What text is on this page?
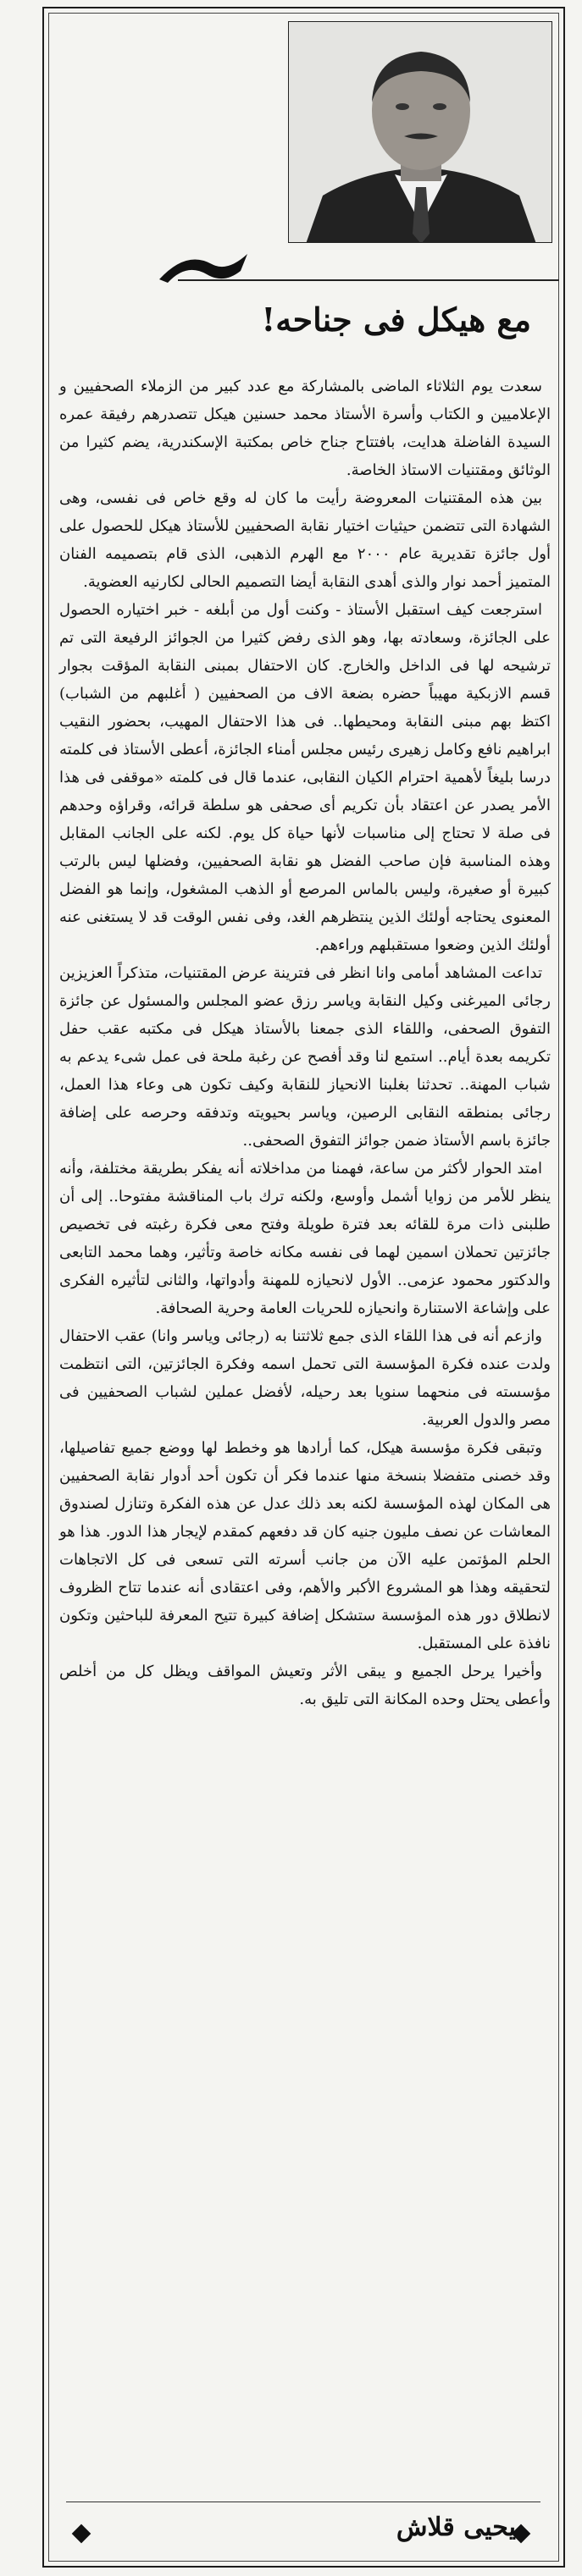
مع هيكل فى جناحه!

سعدت يوم الثلاثاء الماضى بالمشاركة مع عدد كبير من الزملاء الصحفيين و الإعلاميين و الكتاب وأسرة الأستاذ محمد حسنين هيكل تتصدرهم رفيقة عمره السيدة الفاضلة هدايت، بافتتاح جناح خاص بمكتبة الإسكندرية، يضم كثيرا من الوثائق ومقتنيات الاستاذ الخاصة.

بين هذه المقتنيات المعروضة رأيت ما كان له وقع خاص فى نفسى، وهى الشهادة التى تتضمن حيثيات اختيار نقابة الصحفيين للأستاذ هيكل للحصول على أول جائزة تقديرية عام ٢٠٠٠ مع الهرم الذهبى، الذى قام بتصميمه الفنان المتميز أحمد نوار والذى أهدى النقابة أيضا التصميم الحالى لكارنيه العضوية.

استرجعت كيف استقبل الأستاذ - وكنت أول من أبلغه - خبر اختياره الحصول على الجائزة، وسعادته بها، وهو الذى رفض كثيرا من الجوائز الرفيعة التى تم ترشيحه لها فى الداخل والخارج. كان الاحتفال بمبنى النقابة المؤقت بجوار قسم الازبكية مهيباً حضره بضعة الاف من الصحفيين ( أغلبهم من الشباب) اكتظ بهم مبنى النقابة ومحيطها.. فى هذا الاحتفال المهيب، بحضور النقيب ابراهيم نافع وكامل زهيرى رئيس مجلس أمناء الجائزة، أعطى الأستاذ فى كلمته درسا بليغاً لأهمية احترام الكيان النقابى، عندما قال فى كلمته «موقفى فى هذا الأمر يصدر عن اعتقاد بأن تكريم أى صحفى هو سلطة قرائه، وقراؤه وحدهم فى صلة لا تحتاج إلى مناسبات لأنها حياة كل يوم. لكنه على الجانب المقابل وهذه المناسبة فإن صاحب الفضل هو نقابة الصحفيين، وفضلها ليس بالرتب كبيرة أو صغيرة، وليس بالماس المرصع أو الذهب المشغول، وإنما هو الفضل المعنوى يحتاجه أولئك الذين ينتظرهم الغد، وفى نفس الوقت قد لا يستغنى عنه أولئك الذين وضعوا مستقبلهم وراءهم.

تداعت المشاهد أمامى وانا انظر فى فترينة عرض المقتنيات، متذكراً العزيزين رجائى الميرغنى وكيل النقابة وياسر رزق عضو المجلس والمسئول عن جائزة التفوق الصحفى، واللقاء الذى جمعنا بالأستاذ هيكل فى مكتبه عقب حفل تكريمه بعدة أيام.. استمع لنا وقد أفصح عن رغبة ملحة فى عمل شىء يدعم به شباب المهنة.. تحدثنا بغلبنا الانحياز للنقابة وكيف تكون هى وعاء هذا العمل، رجائى بمنطقه النقابى الرصين، وياسر بحيويته وتدفقه وحرصه على إضافة جائزة باسم الأستاذ ضمن جوائز التفوق الصحفى..

امتد الحوار لأكثر من ساعة، فهمنا من مداخلاته أنه يفكر بطريقة مختلفة، وأنه ينظر للأمر من زوايا أشمل وأوسع، ولكنه ترك باب المناقشة مفتوحا.. إلى أن طلبنى ذات مرة للقائه بعد فترة طويلة وفتح معى فكرة رغبته فى تخصيص جائزتين تحملان اسمين لهما فى نفسه مكانه خاصة وتأثير، وهما محمد التابعى والدكتور محمود عزمى.. الأول لانحيازه للمهنة وأدواتها، والثانى لتأثيره الفكرى على وإشاعة الاستنارة وانحيازه للحريات العامة وحرية الصحافة.

وازعم أنه فى هذا اللقاء الذى جمع ثلاثتنا به (رجائى وياسر وانا) عقب الاحتفال ولدت عنده فكرة المؤسسة التى تحمل اسمه وفكرة الجائزتين، التى انتظمت مؤسسته فى منحهما سنويا بعد رحيله، لأفضل عملين لشباب الصحفيين فى مصر والدول العربية.

وتبقى فكرة مؤسسة هيكل، كما أرادها هو وخطط لها ووضع جميع تفاصيلها، وقد خصنى متفضلا بنسخة منها عندما فكر أن تكون أحد أدوار نقابة الصحفيين هى المكان لهذه المؤسسة لكنه بعد ذلك عدل عن هذه الفكرة وتنازل لصندوق المعاشات عن نصف مليون جنيه كان قد دفعهم كمقدم لإيجار هذا الدور. هذا هو الحلم المؤتمن عليه الآن من جانب أسرته التى تسعى فى كل الاتجاهات لتحقيقه وهذا هو المشروع الأكبر والأهم، وفى اعتقادى أنه عندما تتاح الظروف لانطلاق دور هذه المؤسسة ستشكل إضافة كبيرة تتيح المعرفة للباحثين وتكون نافذة على المستقبل.

وأخيرا يرحل الجميع و يبقى الأثر وتعيش المواقف ويظل كل من أخلص وأعطى يحتل وحده المكانة التى تليق به.

يحيى قلاش
